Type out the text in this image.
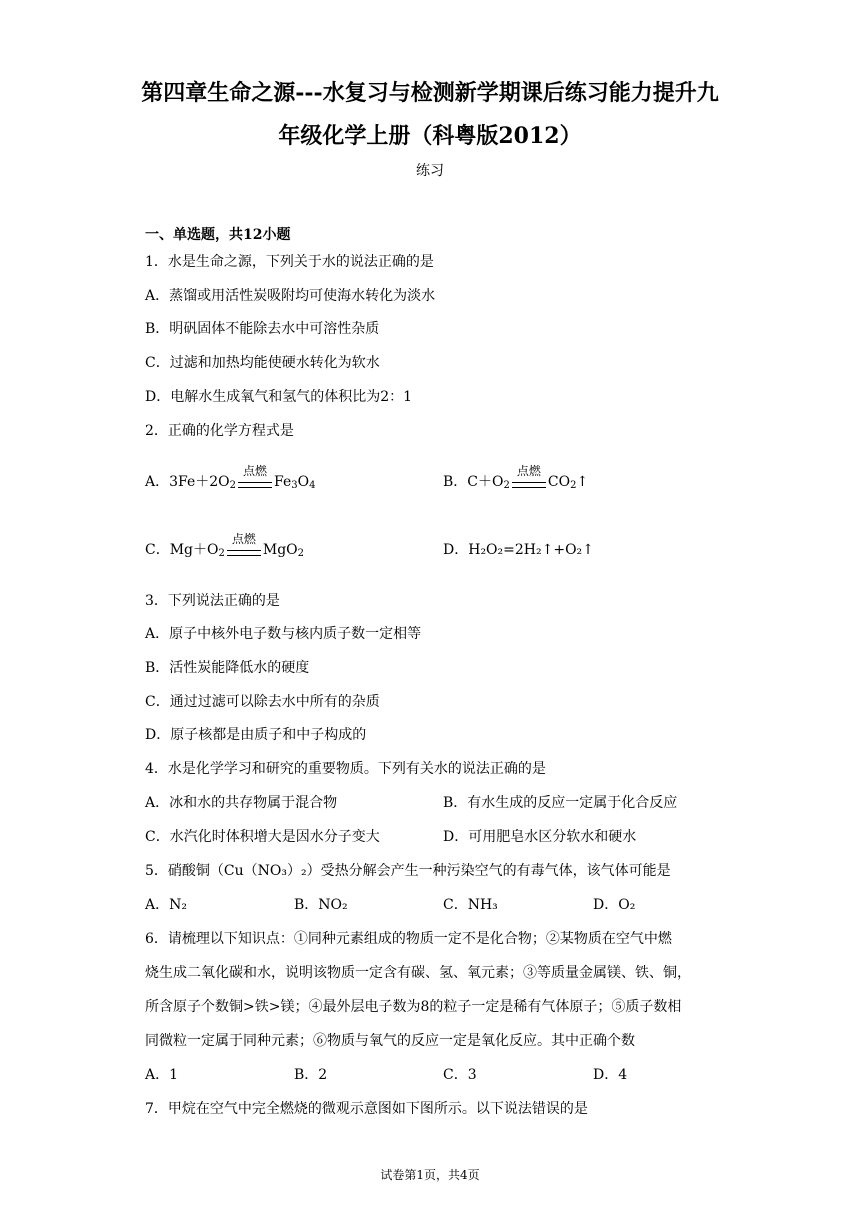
第四章生命之源---水复习与检测新学期课后练习能力提升九
年级化学上册（科粤版2012）
练习
一、单选题，共12小题
1．水是生命之源，下列关于水的说法正确的是
A．蒸馏或用活性炭吸附均可使海水转化为淡水
B．明矾固体不能除去水中可溶性杂质
C．过滤和加热均能使硬水转化为软水
D．电解水生成氧气和氢气的体积比为2：1
2．正确的化学方程式是
A．$3Fe+2O_2$
点燃
$Fe_3O_4$	B．$C+O_2$
点燃
$CO_2↑$
C．$Mg+O_2$
点燃
MgO$_2$	D．H₂O₂=2H₂↑+O₂↑
3．下列说法正确的是
A．原子中核外电子数与核内质子数一定相等
B．活性炭能降低水的硬度
C．通过过滤可以除去水中所有的杂质
D．原子核都是由质子和中子构成的
4．水是化学学习和研究的重要物质。下列有关水的说法正确的是
A．冰和水的共存物属于混合物	B．有水生成的反应一定属于化合反应
C．水汽化时体积增大是因水分子变大	D．可用肥皂水区分软水和硬水
5．硝酸铜（Cu（NO₃）₂）受热分解会产生一种污染空气的有毒气体，该气体可能是
A．N₂	B．NO₂	C．NH₃	D．O₂
6．请梳理以下知识点：①同种元素组成的物质一定不是化合物；②某物质在空气中燃
烧生成二氧化碳和水，说明该物质一定含有碳、氢、氧元素；③等质量金属镁、铁、铜，
所含原子个数铜>铁>镁；④最外层电子数为8的粒子一定是稀有气体原子；⑤质子数相
同微粒一定属于同种元素；⑥物质与氧气的反应一定是氧化反应。其中正确个数
A．1	B．2	C．3	D．4
7．甲烷在空气中完全燃烧的微观示意图如下图所示。以下说法错误的是
试卷第1页，共4页
